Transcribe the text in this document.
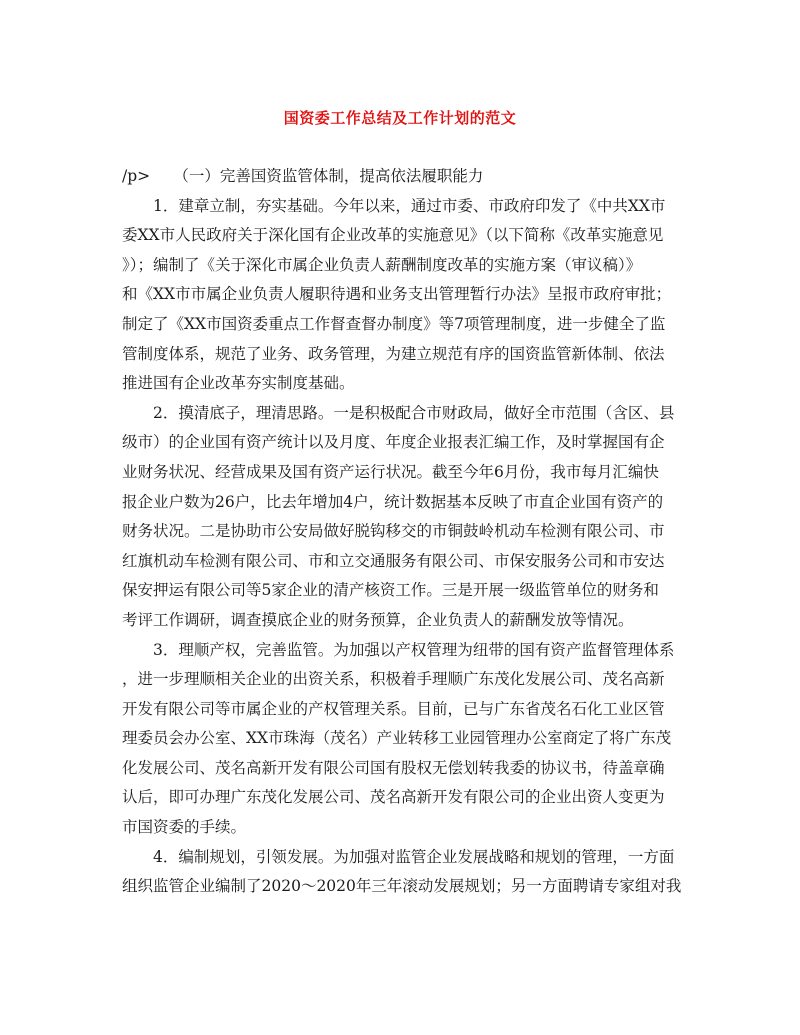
国资委工作总结及工作计划的范文
/p>　　（一）完善国资监管体制，提高依法履职能力
　　1．建章立制，夯实基础。今年以来，通过市委、市政府印发了《中共XX市
委XX市人民政府关于深化国有企业改革的实施意见》（以下简称《改革实施意见
》）；编制了《关于深化市属企业负责人薪酬制度改革的实施方案（审议稿）》
和《XX市市属企业负责人履职待遇和业务支出管理暂行办法》呈报市政府审批；
制定了《XX市国资委重点工作督查督办制度》等7项管理制度，进一步健全了监
管制度体系，规范了业务、政务管理，为建立规范有序的国资监管新体制、依法
推进国有企业改革夯实制度基础。
　　2．摸清底子，理清思路。一是积极配合市财政局，做好全市范围（含区、县
级市）的企业国有资产统计以及月度、年度企业报表汇编工作，及时掌握国有企
业财务状况、经营成果及国有资产运行状况。截至今年6月份，我市每月汇编快
报企业户数为26户，比去年增加4户，统计数据基本反映了市直企业国有资产的
财务状况。二是协助市公安局做好脱钩移交的市铜鼓岭机动车检测有限公司、市
红旗机动车检测有限公司、市和立交通服务有限公司、市保安服务公司和市安达
保安押运有限公司等5家企业的清产核资工作。三是开展一级监管单位的财务和
考评工作调研，调查摸底企业的财务预算，企业负责人的薪酬发放等情况。
　　3．理顺产权，完善监管。为加强以产权管理为纽带的国有资产监督管理体系
，进一步理顺相关企业的出资关系，积极着手理顺广东茂化发展公司、茂名高新
开发有限公司等市属企业的产权管理关系。目前，已与广东省茂名石化工业区管
理委员会办公室、XX市珠海（茂名）产业转移工业园管理办公室商定了将广东茂
化发展公司、茂名高新开发有限公司国有股权无偿划转我委的协议书，待盖章确
认后，即可办理广东茂化发展公司、茂名高新开发有限公司的企业出资人变更为
市国资委的手续。
　　4．编制规划，引领发展。为加强对监管企业发展战略和规划的管理，一方面
组织监管企业编制了2020～2020年三年滚动发展规划；另一方面聘请专家组对我
